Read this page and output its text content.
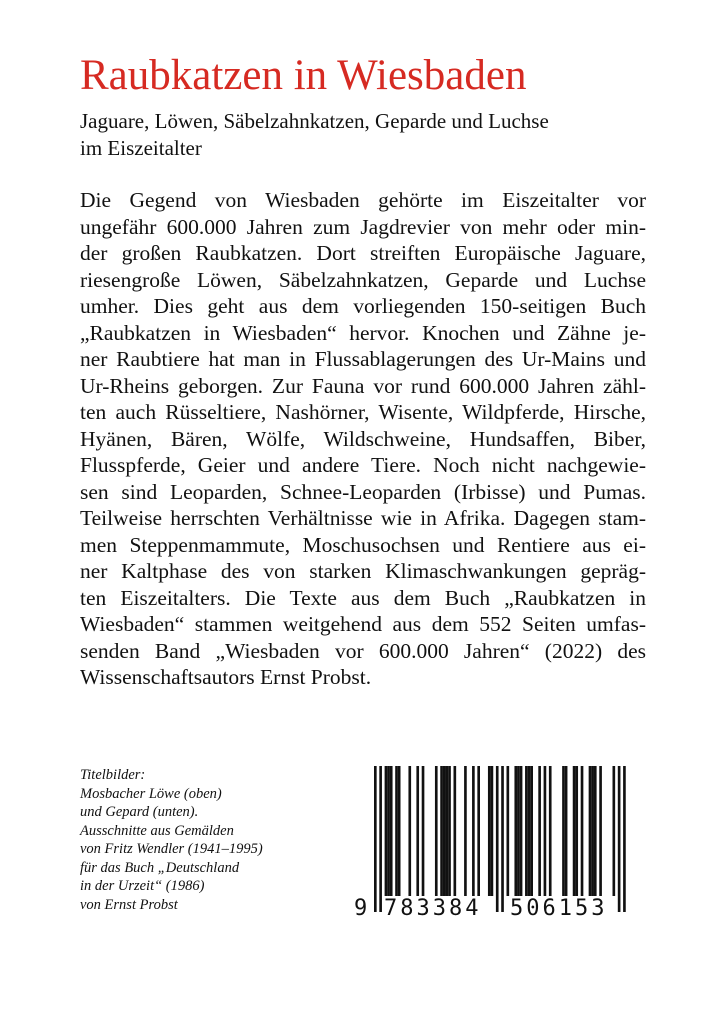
Raubkatzen in Wiesbaden
Jaguare, Löwen, Säbelzahnkatzen, Geparde und Luchse
im Eiszeitalter
Die Gegend von Wiesbaden gehörte im Eiszeitalter vor
ungefähr 600.000 Jahren zum Jagdrevier von mehr oder min-
der großen Raubkatzen. Dort streiften Europäische Jaguare,
riesengroße Löwen, Säbelzahnkatzen, Geparde und Luchse
umher. Dies geht aus dem vorliegenden 150-seitigen Buch
„Raubkatzen in Wiesbaden“ hervor. Knochen und Zähne je-
ner Raubtiere hat man in Flussablagerungen des Ur-Mains und
Ur-Rheins geborgen. Zur Fauna vor rund 600.000 Jahren zähl-
ten auch Rüsseltiere, Nashörner, Wisente, Wildpferde, Hirsche,
Hyänen, Bären, Wölfe, Wildschweine, Hundsaffen, Biber,
Flusspferde, Geier und andere Tiere. Noch nicht nachgewie-
sen sind Leoparden, Schnee-Leoparden (Irbisse) und Pumas.
Teilweise herrschten Verhältnisse wie in Afrika. Dagegen stam-
men Steppenmammute, Moschusochsen und Rentiere aus ei-
ner Kaltphase des von starken Klimaschwankungen gepräg-
ten Eiszeitalters. Die Texte aus dem Buch „Raubkatzen in
Wiesbaden“ stammen weitgehend aus dem 552 Seiten umfas-
senden Band „Wiesbaden vor 600.000 Jahren“ (2022) des
Wissenschaftsautors Ernst Probst.
Titelbilder:
Mosbacher Löwe (oben)
und Gepard (unten).
Ausschnitte aus Gemälden
von Fritz Wendler (1941–1995)
für das Buch „Deutschland
in der Urzeit“ (1986)
von Ernst Probst	9 783384 506153
